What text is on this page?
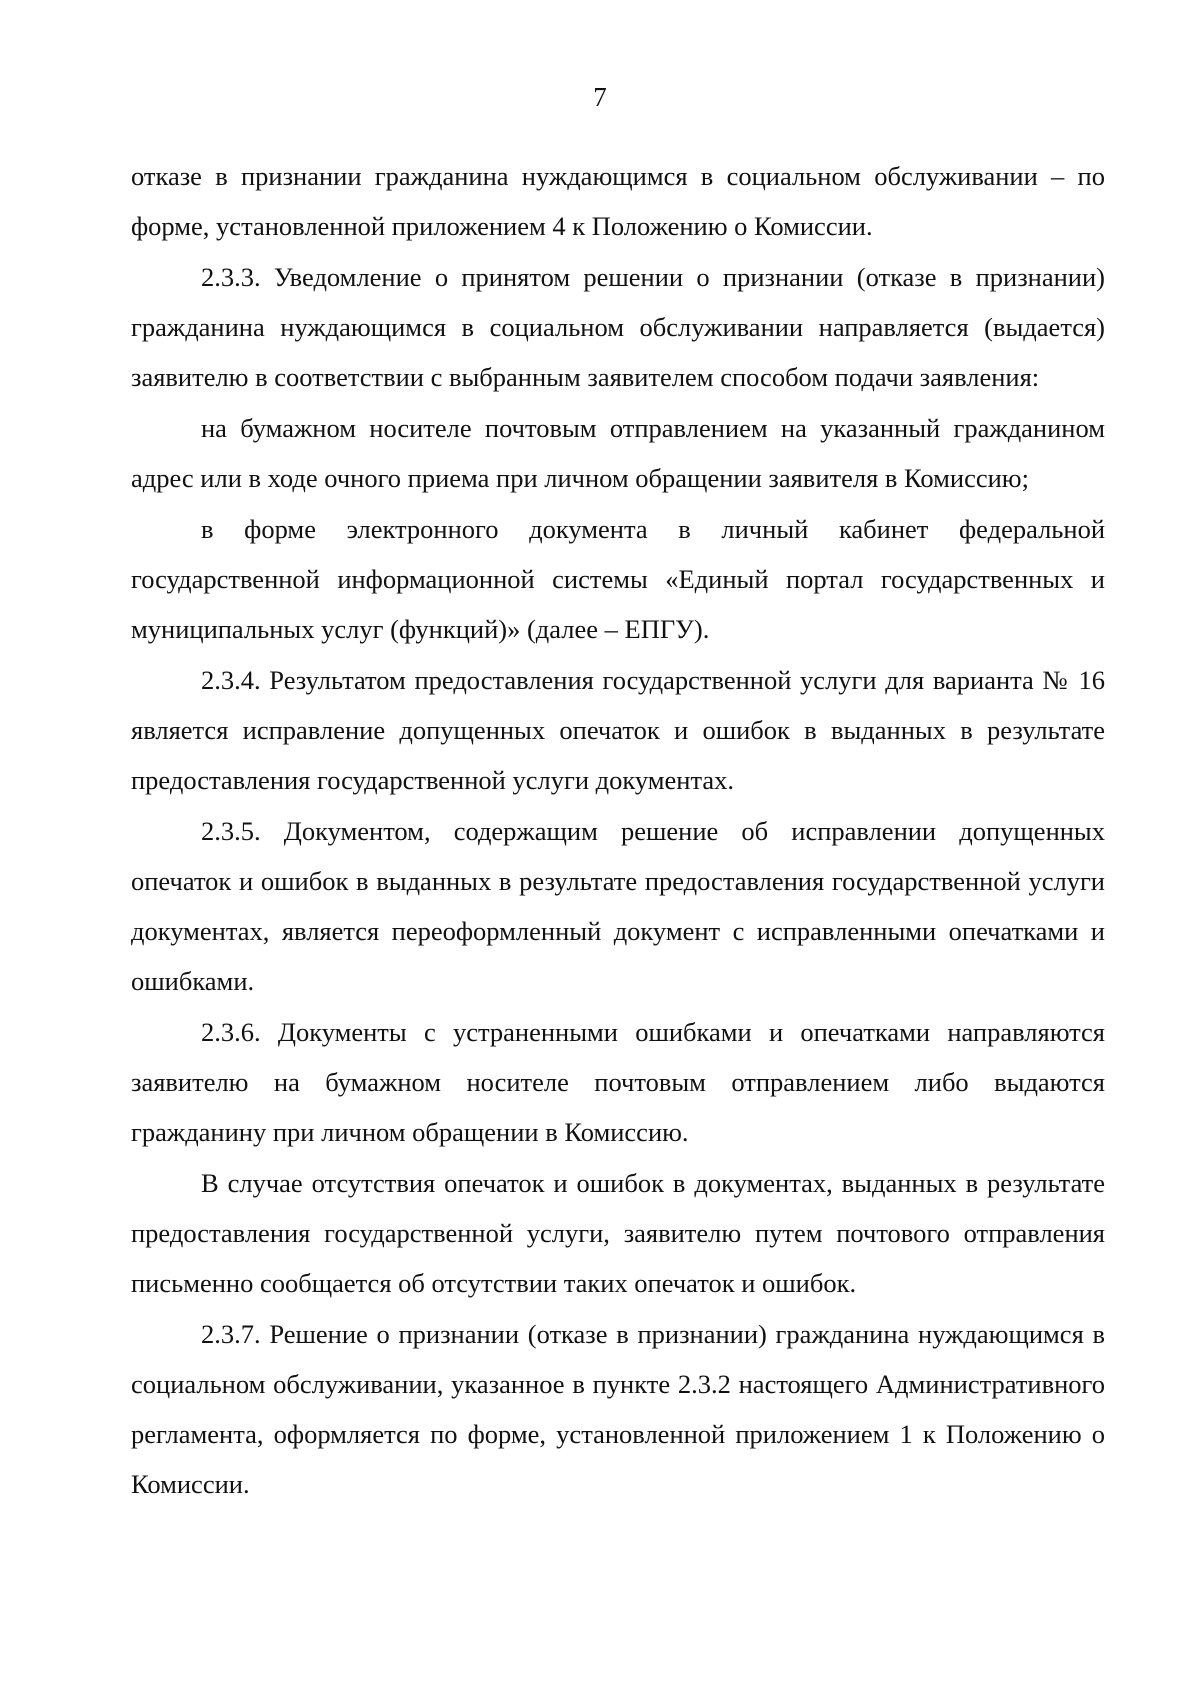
7

отказе в признании гражданина нуждающимся в социальном обслуживании – по форме, установленной приложением 4 к Положению о Комиссии.

2.3.3. Уведомление о принятом решении о признании (отказе в признании) гражданина нуждающимся в социальном обслуживании направляется (выдается) заявителю в соответствии с выбранным заявителем способом подачи заявления:

на бумажном носителе почтовым отправлением на указанный гражданином адрес или в ходе очного приема при личном обращении заявителя в Комиссию;

в форме электронного документа в личный кабинет федеральной государственной информационной системы «Единый портал государственных и муниципальных услуг (функций)» (далее – ЕПГУ).

2.3.4. Результатом предоставления государственной услуги для варианта № 16 является исправление допущенных опечаток и ошибок в выданных в результате предоставления государственной услуги документах.

2.3.5. Документом, содержащим решение об исправлении допущенных опечаток и ошибок в выданных в результате предоставления государственной услуги документах, является переоформленный документ с исправленными опечатками и ошибками.

2.3.6. Документы с устраненными ошибками и опечатками направляются заявителю на бумажном носителе почтовым отправлением либо выдаются гражданину при личном обращении в Комиссию.

В случае отсутствия опечаток и ошибок в документах, выданных в результате предоставления государственной услуги, заявителю путем почтового отправления письменно сообщается об отсутствии таких опечаток и ошибок.

2.3.7. Решение о признании (отказе в признании) гражданина нуждающимся в социальном обслуживании, указанное в пункте 2.3.2 настоящего Административного регламента, оформляется по форме, установленной приложением 1 к Положению о Комиссии.
